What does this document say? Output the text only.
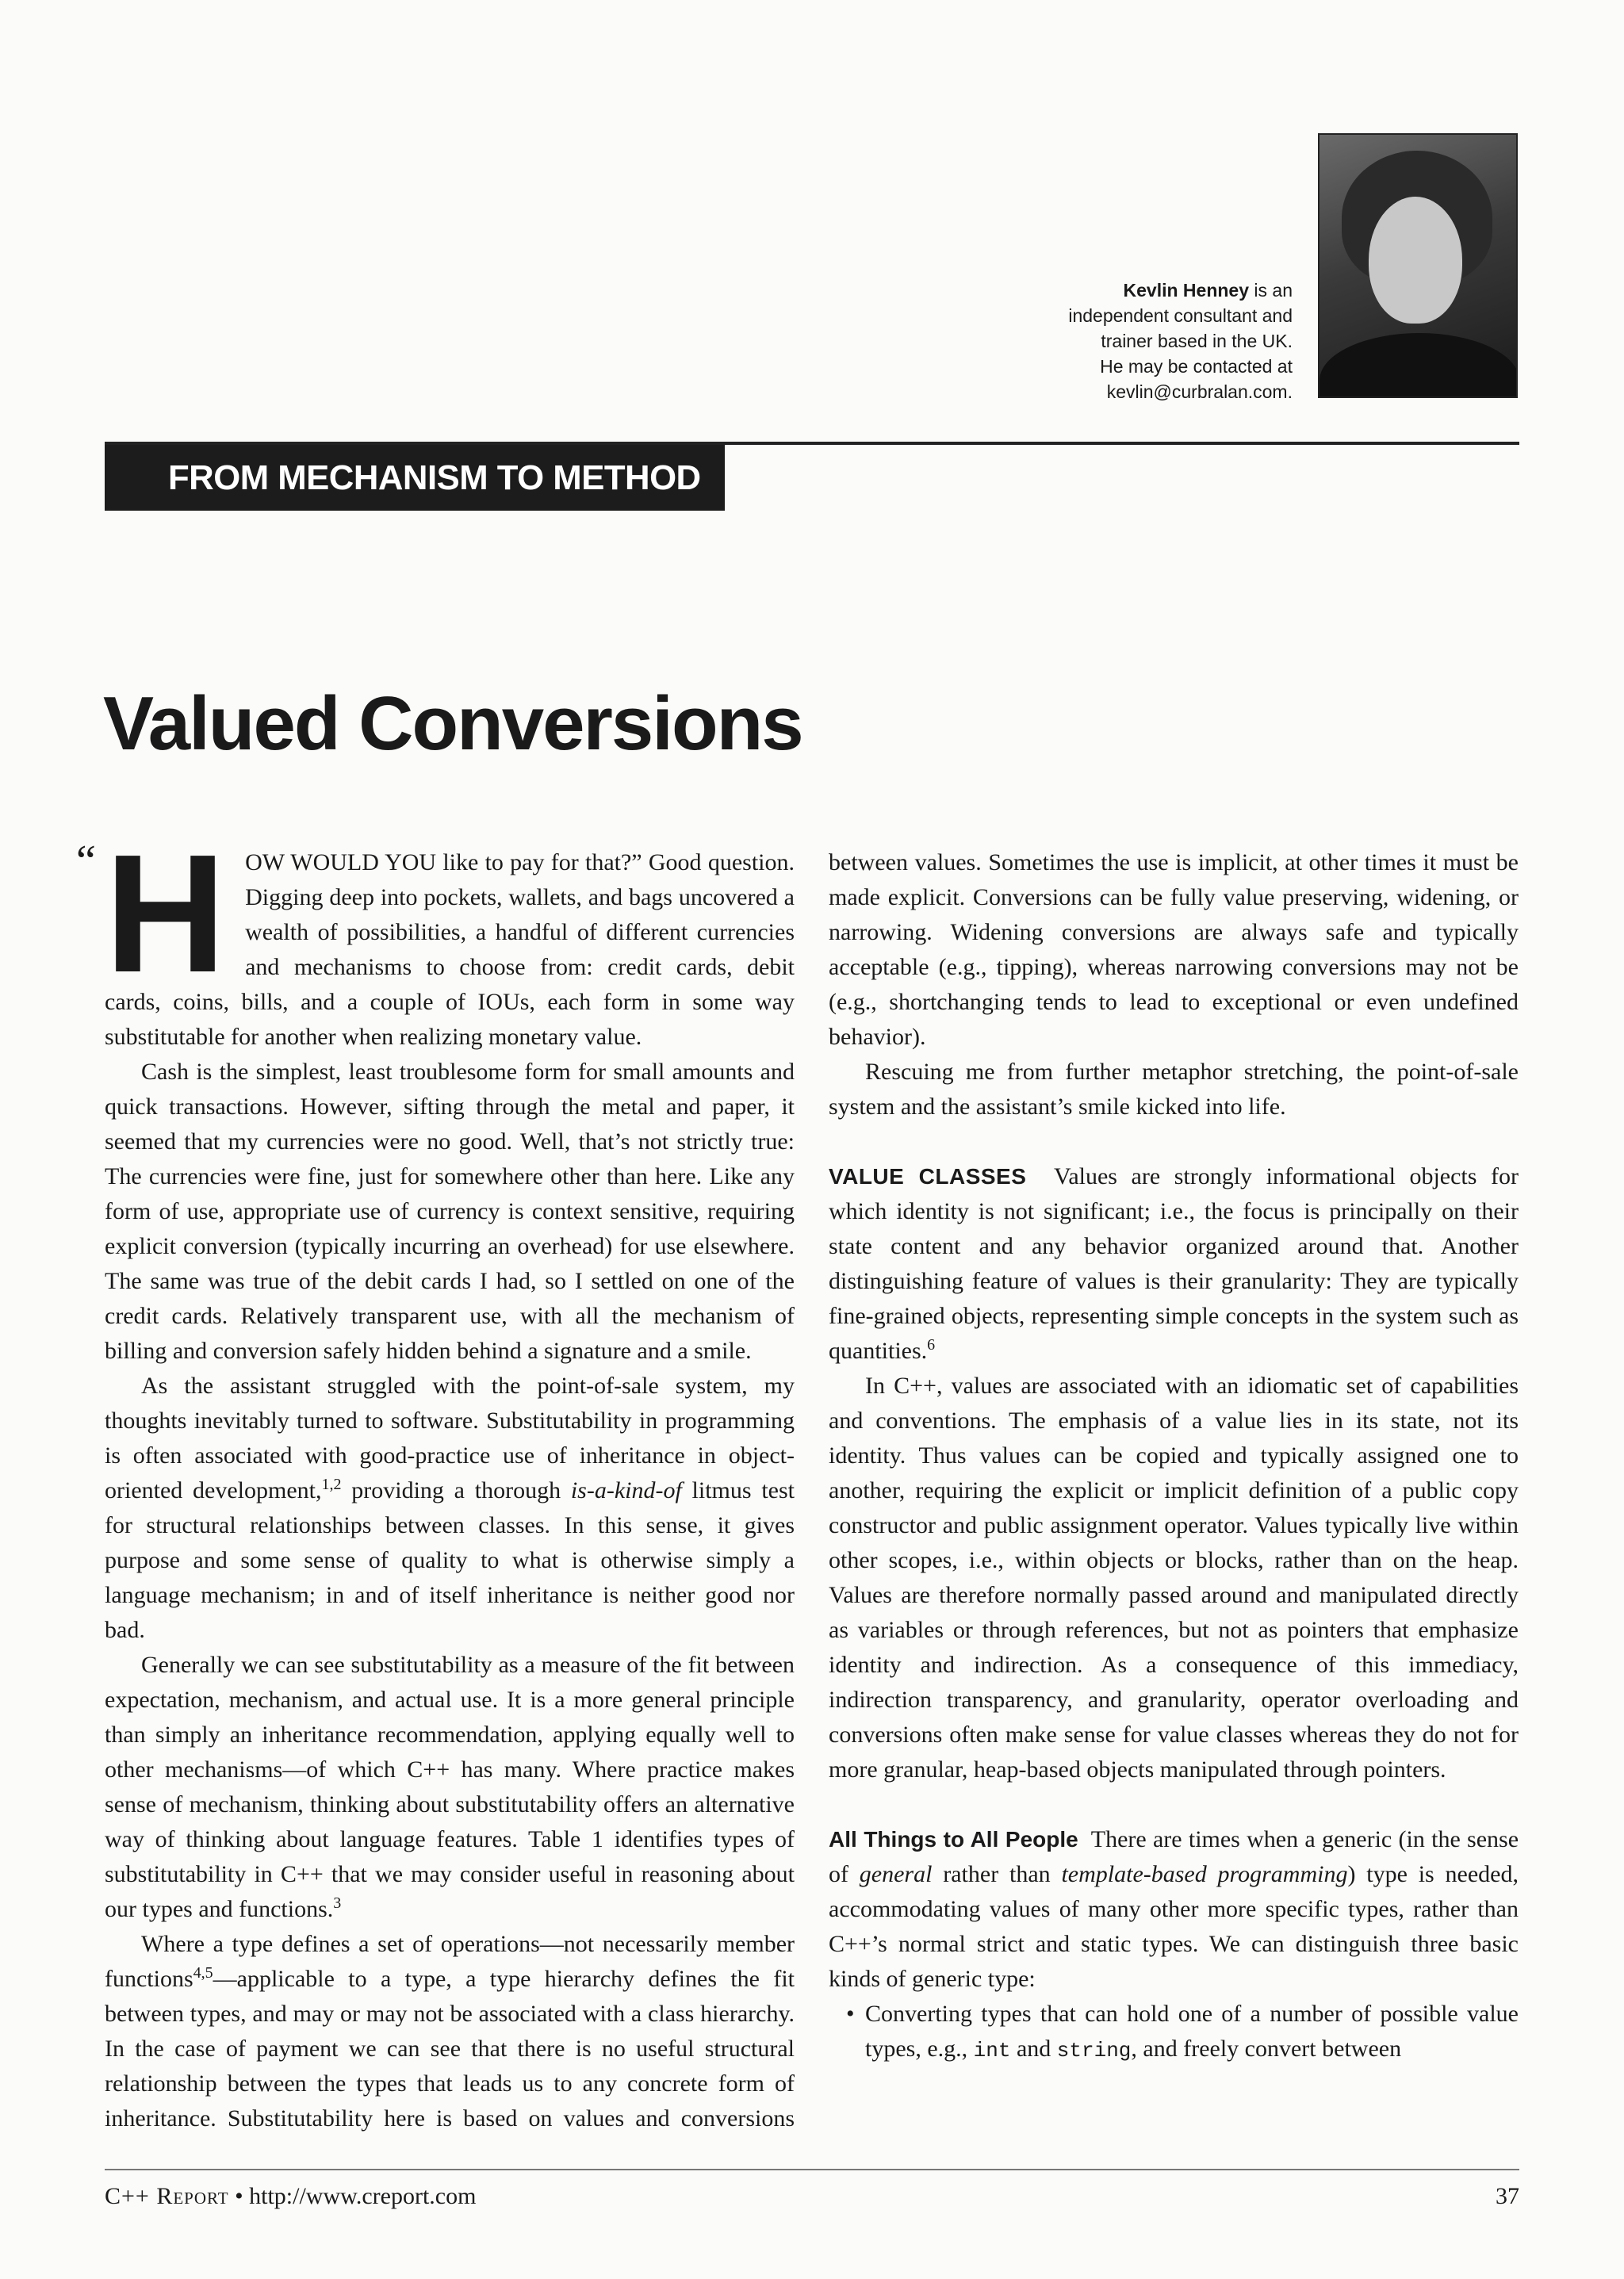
Kevlin Henney is an
independent consultant and
trainer based in the UK.
He may be contacted at
kevlin@curbralan.com.
FROM MECHANISM TO METHOD
Valued Conversions

“ H OW WOULD YOU like to pay for that?” Good question. Digging deep into pockets, wallets, and bags uncovered a wealth of possibilities, a handful of different currencies and mechanisms to choose from: credit cards, debit cards, coins, bills, and a couple of IOUs, each form in some way substitutable for another when realizing monetary value.

Cash is the simplest, least troublesome form for small amounts and quick transactions. However, sifting through the metal and paper, it seemed that my currencies were no good. Well, that’s not strictly true: The currencies were fine, just for somewhere other than here. Like any form of use, appropriate use of currency is context sensitive, requiring explicit conversion (typically incurring an overhead) for use elsewhere. The same was true of the debit cards I had, so I settled on one of the credit cards. Relatively transparent use, with all the mechanism of billing and conversion safely hidden behind a signature and a smile.

As the assistant struggled with the point-of-sale system, my thoughts inevitably turned to software. Substitutability in programming is often associated with good-practice use of inheritance in object-oriented development,$^{1,2}$ providing a thorough is-a-kind-of litmus test for structural relationships between classes. In this sense, it gives purpose and some sense of quality to what is otherwise simply a language mechanism; in and of itself inheritance is neither good nor bad.

Generally we can see substitutability as a measure of the fit between expectation, mechanism, and actual use. It is a more general principle than simply an inheritance recommendation, applying equally well to other mechanisms—of which C++ has many. Where practice makes sense of mechanism, thinking about substitutability offers an alternative way of thinking about language features. Table 1 identifies types of substitutability in C++ that we may consider useful in reasoning about our types and functions.$^3$

Where a type defines a set of operations—not necessarily member functions$^{4,5}$—applicable to a type, a type hierarchy defines the fit between types, and may or may not be associated with a class hierarchy. In the case of payment we can see that there is no useful structural relationship between the types that leads us to any concrete form of inheritance. Substitutability here is based on values and conversions

between values. Sometimes the use is implicit, at other times it must be made explicit. Conversions can be fully value preserving, widening, or narrowing. Widening conversions are always safe and typically acceptable (e.g., tipping), whereas narrowing conversions may not be (e.g., shortchanging tends to lead to exceptional or even undefined behavior).

Rescuing me from further metaphor stretching, the point-of-sale system and the assistant’s smile kicked into life.

VALUE CLASSES Values are strongly informational objects for which identity is not significant; i.e., the focus is principally on their state content and any behavior organized around that. Another distinguishing feature of values is their granularity: They are typically fine-grained objects, representing simple concepts in the system such as quantities.$^6$

In C++, values are associated with an idiomatic set of capabilities and conventions. The emphasis of a value lies in its state, not its identity. Thus values can be copied and typically assigned one to another, requiring the explicit or implicit definition of a public copy constructor and public assignment operator. Values typically live within other scopes, i.e., within objects or blocks, rather than on the heap. Values are therefore normally passed around and manipulated directly as variables or through references, but not as pointers that emphasize identity and indirection. As a consequence of this immediacy, indirection transparency, and granularity, operator overloading and conversions often make sense for value classes whereas they do not for more granular, heap-based objects manipulated through pointers.

All Things to All People There are times when a generic (in the sense of general rather than template-based programming) type is needed, accommodating values of many other more specific types, rather than C++’s normal strict and static types. We can distinguish three basic kinds of generic type:

• Converting types that can hold one of a number of possible value types, e.g., int and string, and freely convert between
C++ Report • http://www.creport.com	37
